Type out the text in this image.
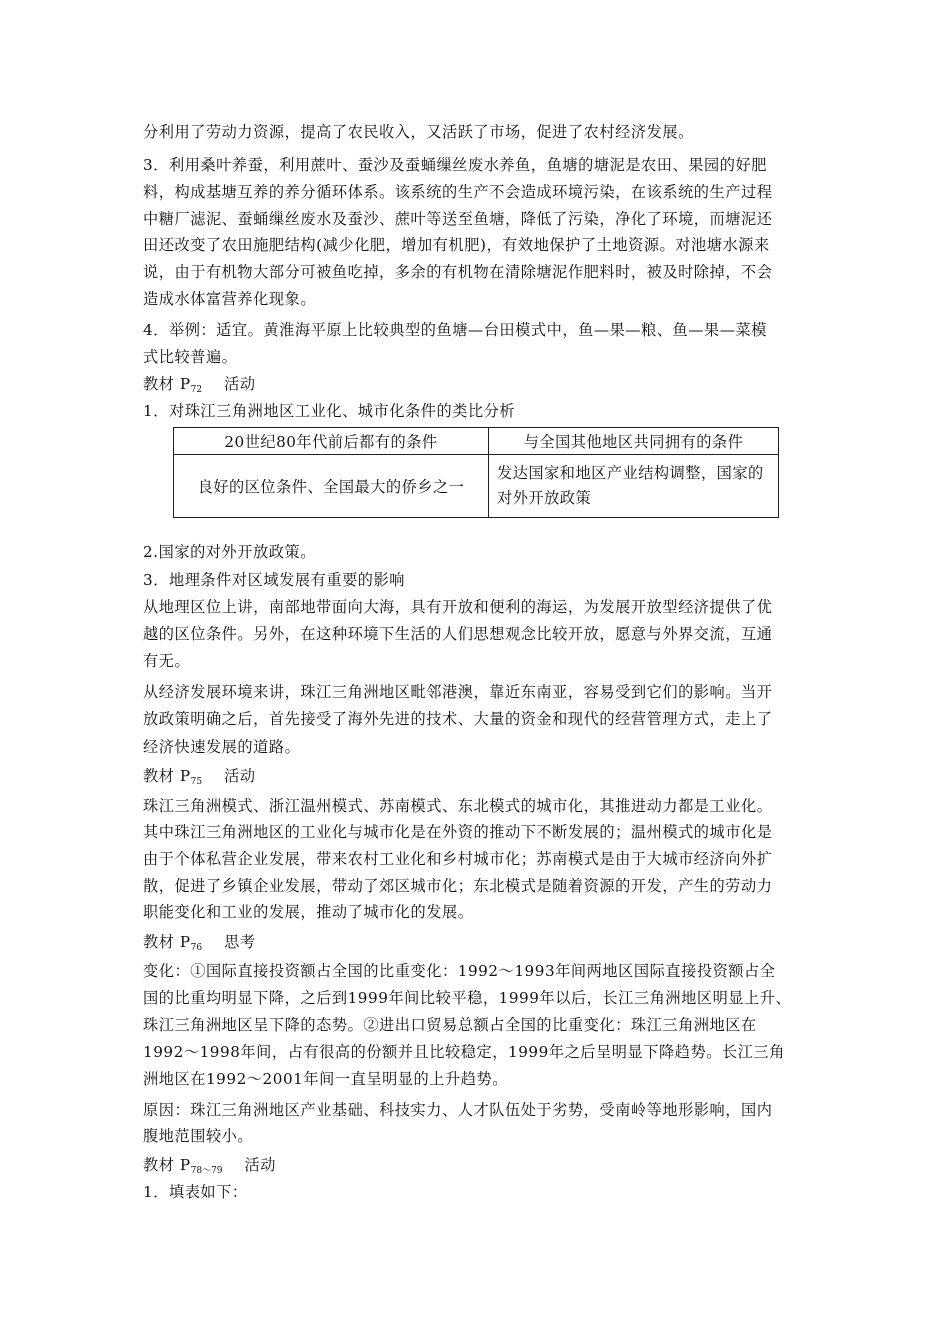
分利用了劳动力资源，提高了农民收入，又活跃了市场，促进了农村经济发展。
3．利用桑叶养蚕，利用蔗叶、蚕沙及蚕蛹缫丝废水养鱼，鱼塘的塘泥是农田、果园的好肥
料，构成基塘互养的养分循环体系。该系统的生产不会造成环境污染，在该系统的生产过程
中糖厂滤泥、蚕蛹缫丝废水及蚕沙、蔗叶等送至鱼塘，降低了污染，净化了环境，而塘泥还
田还改变了农田施肥结构(减少化肥，增加有机肥)，有效地保护了土地资源。对池塘水源来
说，由于有机物大部分可被鱼吃掉，多余的有机物在清除塘泥作肥料时，被及时除掉，不会
造成水体富营养化现象。
4．举例：适宜。黄淮海平原上比较典型的鱼塘—台田模式中，鱼—果—粮、鱼—果—菜模
式比较普遍。
教材 $P_{72}$ 活动
1．对珠江三角洲地区工业化、城市化条件的类比分析
20世纪80年代前后都有的条件	与全国其他地区共同拥有的条件
良好的区位条件、全国最大的侨乡之一	发达国家和地区产业结构调整，国家的对外开放政策
2.国家的对外开放政策。
3．地理条件对区域发展有重要的影响
从地理区位上讲，南部地带面向大海，具有开放和便利的海运，为发展开放型经济提供了优
越的区位条件。另外，在这种环境下生活的人们思想观念比较开放，愿意与外界交流，互通
有无。
从经济发展环境来讲，珠江三角洲地区毗邻港澳，靠近东南亚，容易受到它们的影响。当开
放政策明确之后，首先接受了海外先进的技术、大量的资金和现代的经营管理方式，走上了
经济快速发展的道路。
教材 $P_{75}$ 活动
珠江三角洲模式、浙江温州模式、苏南模式、东北模式的城市化，其推进动力都是工业化。
其中珠江三角洲地区的工业化与城市化是在外资的推动下不断发展的；温州模式的城市化是
由于个体私营企业发展，带来农村工业化和乡村城市化；苏南模式是由于大城市经济向外扩
散，促进了乡镇企业发展，带动了郊区城市化；东北模式是随着资源的开发，产生的劳动力
职能变化和工业的发展，推动了城市化的发展。
教材 $P_{76}$ 思考
变化：①国际直接投资额占全国的比重变化：1992～1993年间两地区国际直接投资额占全
国的比重均明显下降，之后到1999年间比较平稳，1999年以后，长江三角洲地区明显上升、
珠江三角洲地区呈下降的态势。②进出口贸易总额占全国的比重变化：珠江三角洲地区在
1992～1998年间，占有很高的份额并且比较稳定，1999年之后呈明显下降趋势。长江三角
洲地区在1992～2001年间一直呈明显的上升趋势。
原因：珠江三角洲地区产业基础、科技实力、人才队伍处于劣势，受南岭等地形影响，国内
腹地范围较小。
教材 $P_{78\sim 79}$ 活动
1．填表如下：
